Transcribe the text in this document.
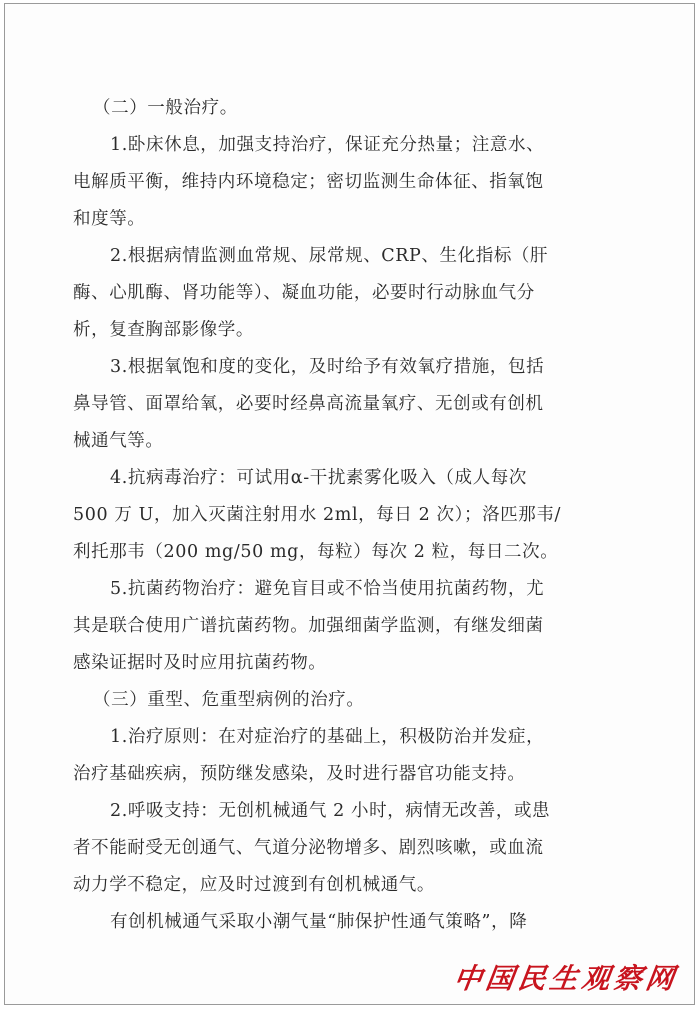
（二）一般治疗。
1.卧床休息，加强支持治疗，保证充分热量；注意水、
电解质平衡，维持内环境稳定；密切监测生命体征、指氧饱
和度等。
2.根据病情监测血常规、尿常规、CRP、生化指标（肝
酶、心肌酶、肾功能等）、凝血功能，必要时行动脉血气分
析，复查胸部影像学。
3.根据氧饱和度的变化，及时给予有效氧疗措施，包括
鼻导管、面罩给氧，必要时经鼻高流量氧疗、无创或有创机
械通气等。
4.抗病毒治疗：可试用α-干扰素雾化吸入（成人每次
500 万 U，加入灭菌注射用水 2ml，每日 2 次）；洛匹那韦/
利托那韦（200 mg/50 mg，每粒）每次 2 粒，每日二次。
5.抗菌药物治疗：避免盲目或不恰当使用抗菌药物，尤
其是联合使用广谱抗菌药物。加强细菌学监测，有继发细菌
感染证据时及时应用抗菌药物。
（三）重型、危重型病例的治疗。
1.治疗原则：在对症治疗的基础上，积极防治并发症，
治疗基础疾病，预防继发感染，及时进行器官功能支持。
2.呼吸支持：无创机械通气 2 小时，病情无改善，或患
者不能耐受无创通气、气道分泌物增多、剧烈咳嗽，或血流
动力学不稳定，应及时过渡到有创机械通气。
有创机械通气采取小潮气量“肺保护性通气策略”，降
中国民生观察网
